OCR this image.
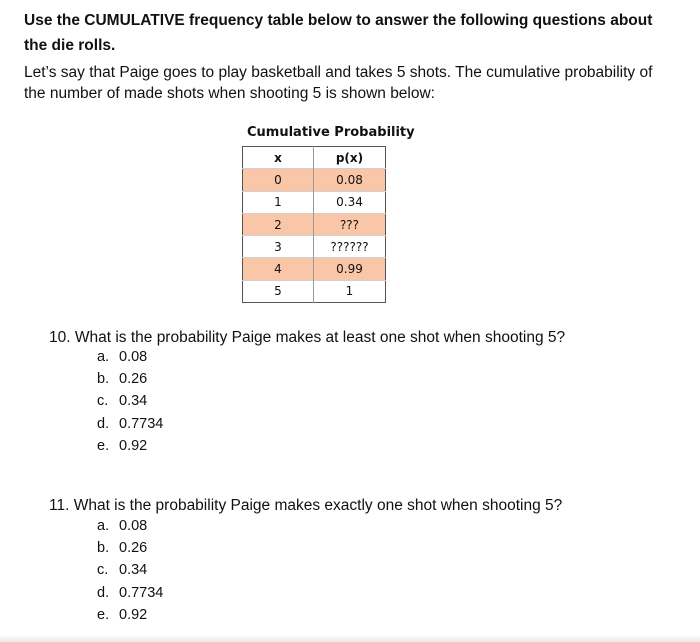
Use the CUMULATIVE frequency table below to answer the following questions about the die rolls.
Let’s say that Paige goes to play basketball and takes 5 shots. The cumulative probability of the number of made shots when shooting 5 is shown below:
Cumulative Probability
x	p(x)
0	0.08
1	0.34
2	???
3	??????
4	0.99
5	1
10. What is the probability Paige makes at least one shot when shooting 5?
a. 0.08
b. 0.26
c. 0.34
d. 0.7734
e. 0.92
11. What is the probability Paige makes exactly one shot when shooting 5?
a. 0.08
b. 0.26
c. 0.34
d. 0.7734
e. 0.92
